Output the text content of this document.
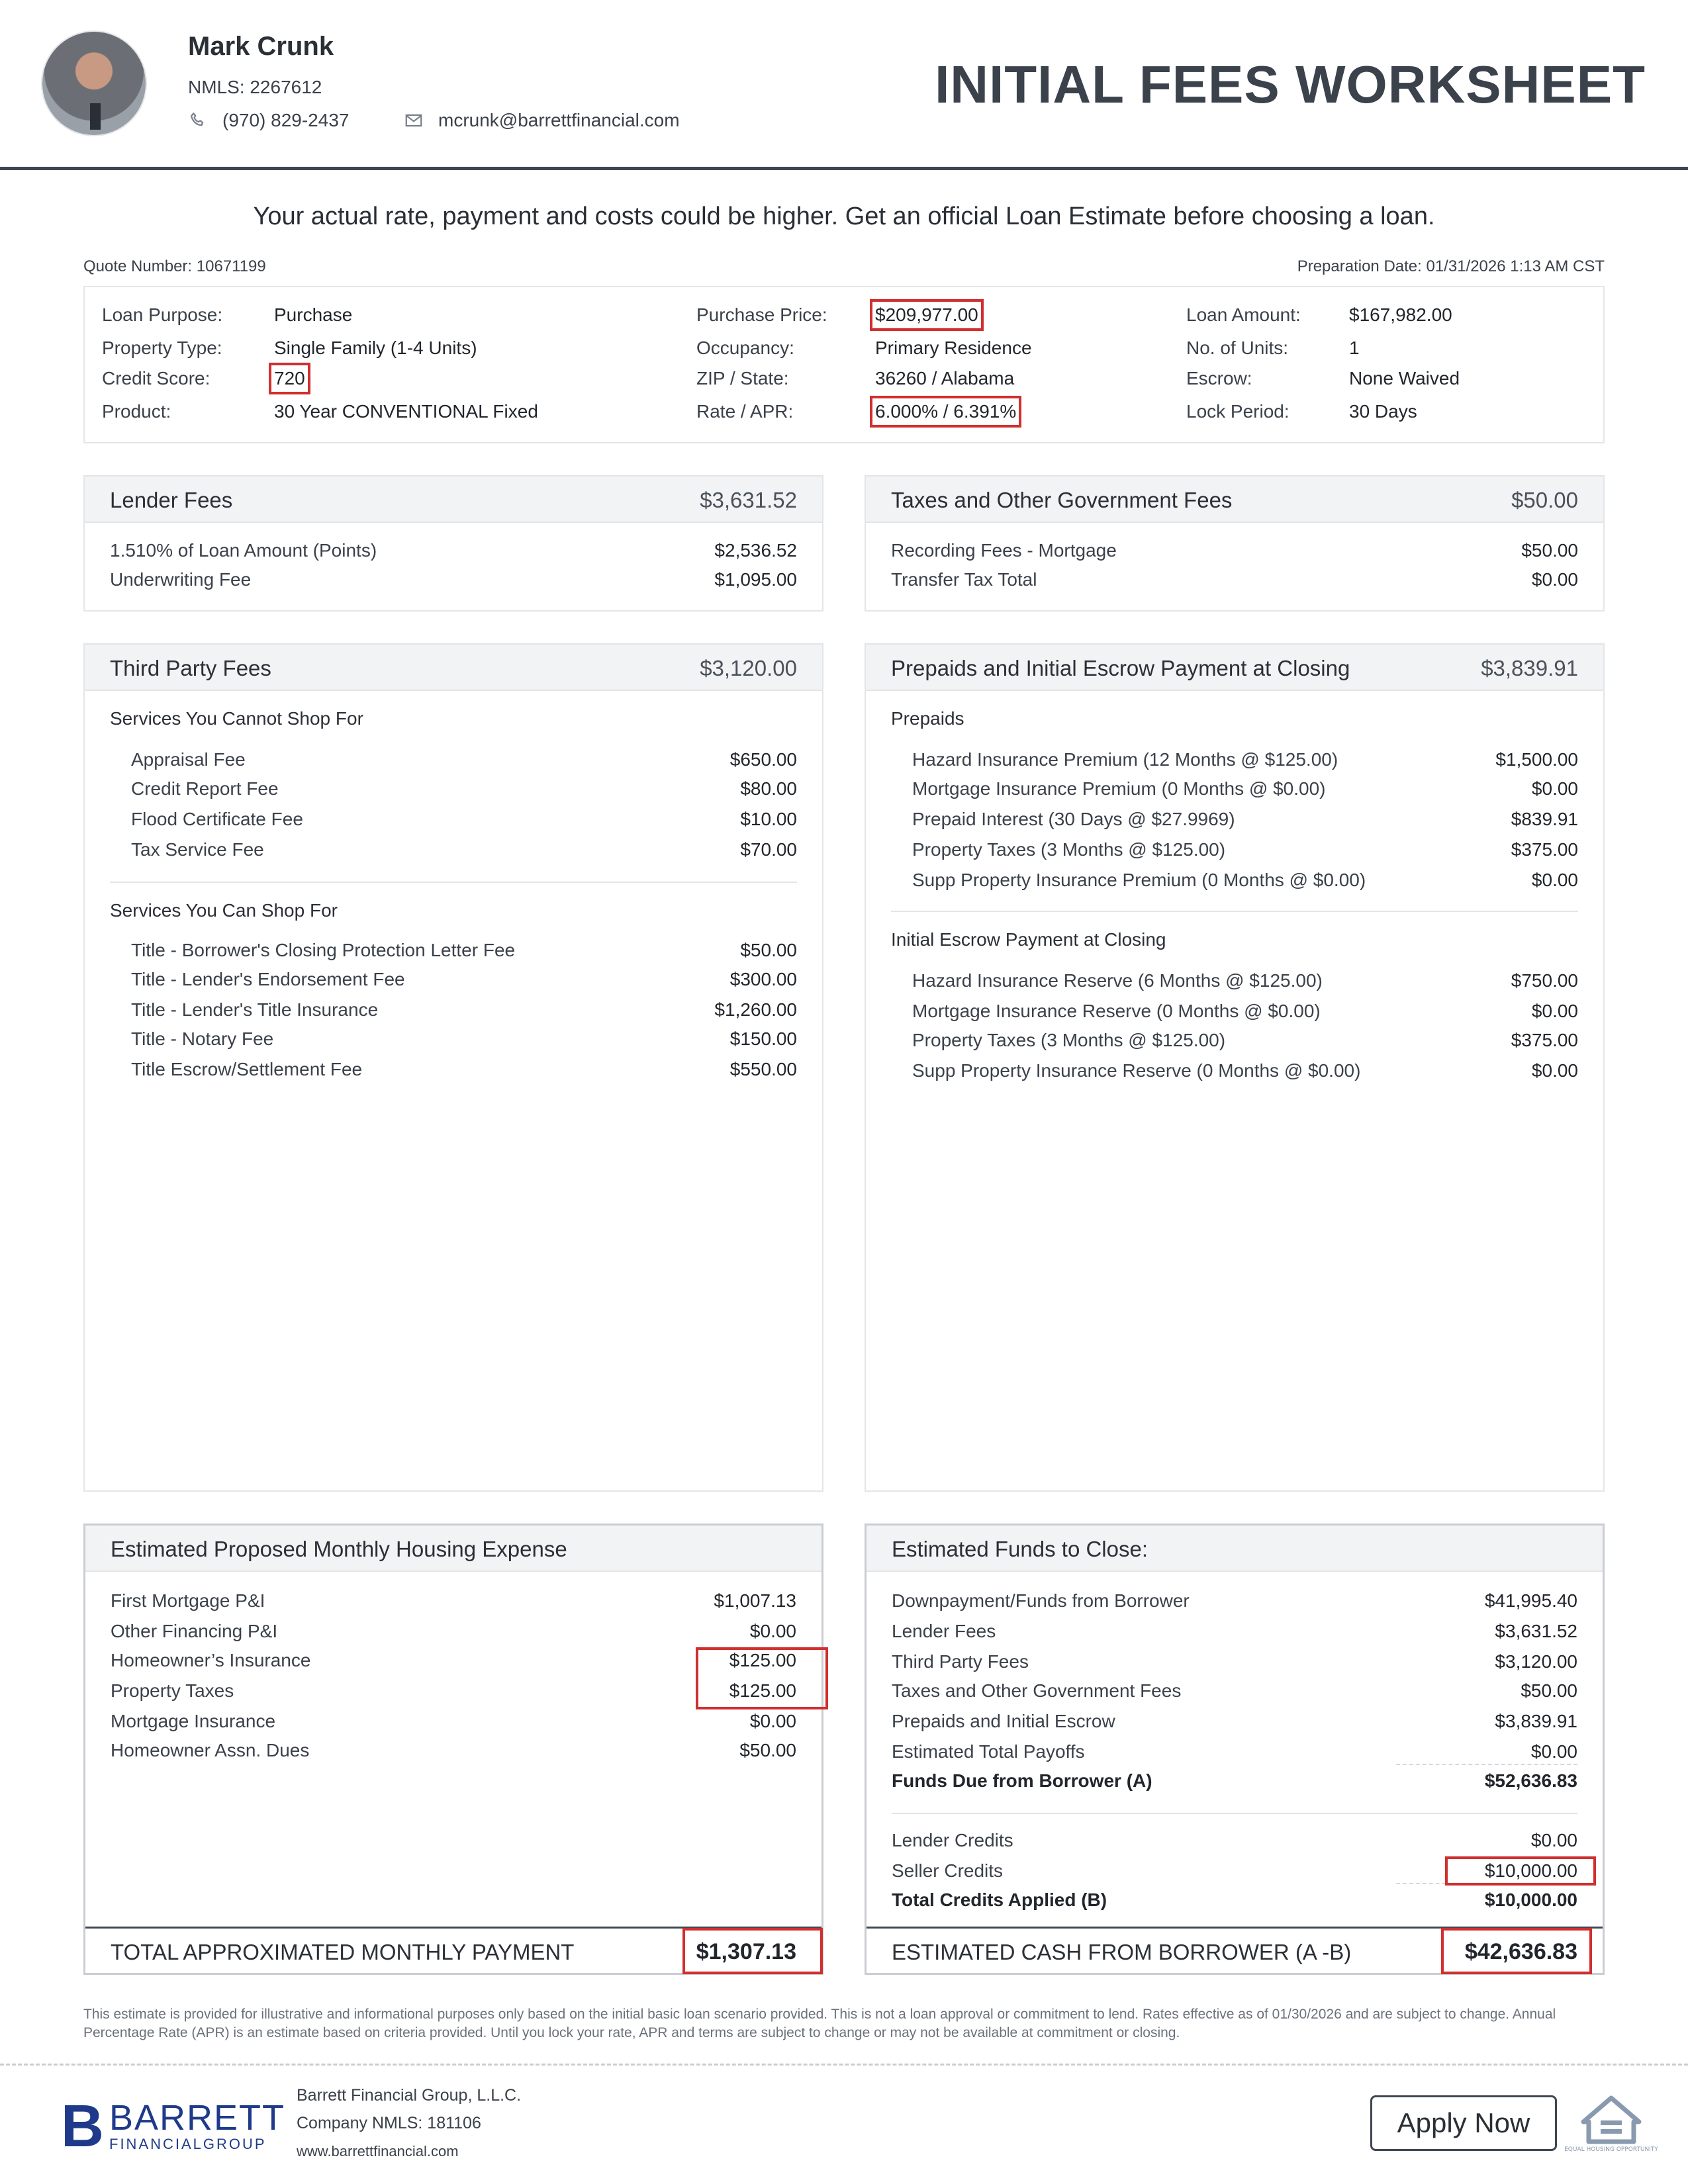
Mark Crunk
NMLS: 2267612
(970) 829-2437	mcrunk@barrettfinancial.com
INITIAL FEES WORKSHEET
Your actual rate, payment and costs could be higher. Get an official Loan Estimate before choosing a loan.
Quote Number: 10671199	Preparation Date: 01/31/2026 1:13 AM CST
Loan Purpose:	Purchase
Property Type:	Single Family (1-4 Units)
Credit Score:	720
Product:	30 Year CONVENTIONAL Fixed
Purchase Price:	$209,977.00
Occupancy:	Primary Residence
ZIP / State:	36260 / Alabama
Rate / APR:	6.000% / 6.391%
Loan Amount:	$167,982.00
No. of Units:	1
Escrow:	None Waived
Lock Period:	30 Days
Lender Fees	$3,631.52
1.510% of Loan Amount (Points)	$2,536.52
Underwriting Fee	$1,095.00
Taxes and Other Government Fees	$50.00
Recording Fees - Mortgage	$50.00
Transfer Tax Total	$0.00
Third Party Fees	$3,120.00
Services You Cannot Shop For
Appraisal Fee	$650.00
Credit Report Fee	$80.00
Flood Certificate Fee	$10.00
Tax Service Fee	$70.00
Services You Can Shop For
Title - Borrower's Closing Protection Letter Fee	$50.00
Title - Lender's Endorsement Fee	$300.00
Title - Lender's Title Insurance	$1,260.00
Title - Notary Fee	$150.00
Title Escrow/Settlement Fee	$550.00
Prepaids and Initial Escrow Payment at Closing	$3,839.91
Prepaids
Hazard Insurance Premium (12 Months @ $125.00)	$1,500.00
Mortgage Insurance Premium (0 Months @ $0.00)	$0.00
Prepaid Interest (30 Days @ $27.9969)	$839.91
Property Taxes (3 Months @ $125.00)	$375.00
Supp Property Insurance Premium (0 Months @ $0.00)	$0.00
Initial Escrow Payment at Closing
Hazard Insurance Reserve (6 Months @ $125.00)	$750.00
Mortgage Insurance Reserve (0 Months @ $0.00)	$0.00
Property Taxes (3 Months @ $125.00)	$375.00
Supp Property Insurance Reserve (0 Months @ $0.00)	$0.00
Estimated Proposed Monthly Housing Expense
First Mortgage P&I	$1,007.13
Other Financing P&I	$0.00
Homeowner’s Insurance	$125.00
Property Taxes	$125.00
Mortgage Insurance	$0.00
Homeowner Assn. Dues	$50.00
TOTAL APPROXIMATED MONTHLY PAYMENT	$1,307.13
Estimated Funds to Close:
Downpayment/Funds from Borrower	$41,995.40
Lender Fees	$3,631.52
Third Party Fees	$3,120.00
Taxes and Other Government Fees	$50.00
Prepaids and Initial Escrow	$3,839.91
Estimated Total Payoffs	$0.00
Funds Due from Borrower (A)	$52,636.83
Lender Credits	$0.00
Seller Credits	$10,000.00
Total Credits Applied (B)	$10,000.00
ESTIMATED CASH FROM BORROWER (A -B)	$42,636.83
This estimate is provided for illustrative and informational purposes only based on the initial basic loan scenario provided. This is not a loan approval or commitment to lend. Rates effective as of 01/30/2026 and are subject to change. Annual Percentage Rate (APR) is an estimate based on criteria provided. Until you lock your rate, APR and terms are subject to change or may not be available at commitment or closing.
B BARRETT
FINANCIALGROUP
Barrett Financial Group, L.L.C.
Company NMLS: 181106
www.barrettfinancial.com
Apply Now
EQUAL HOUSING OPPORTUNITY
